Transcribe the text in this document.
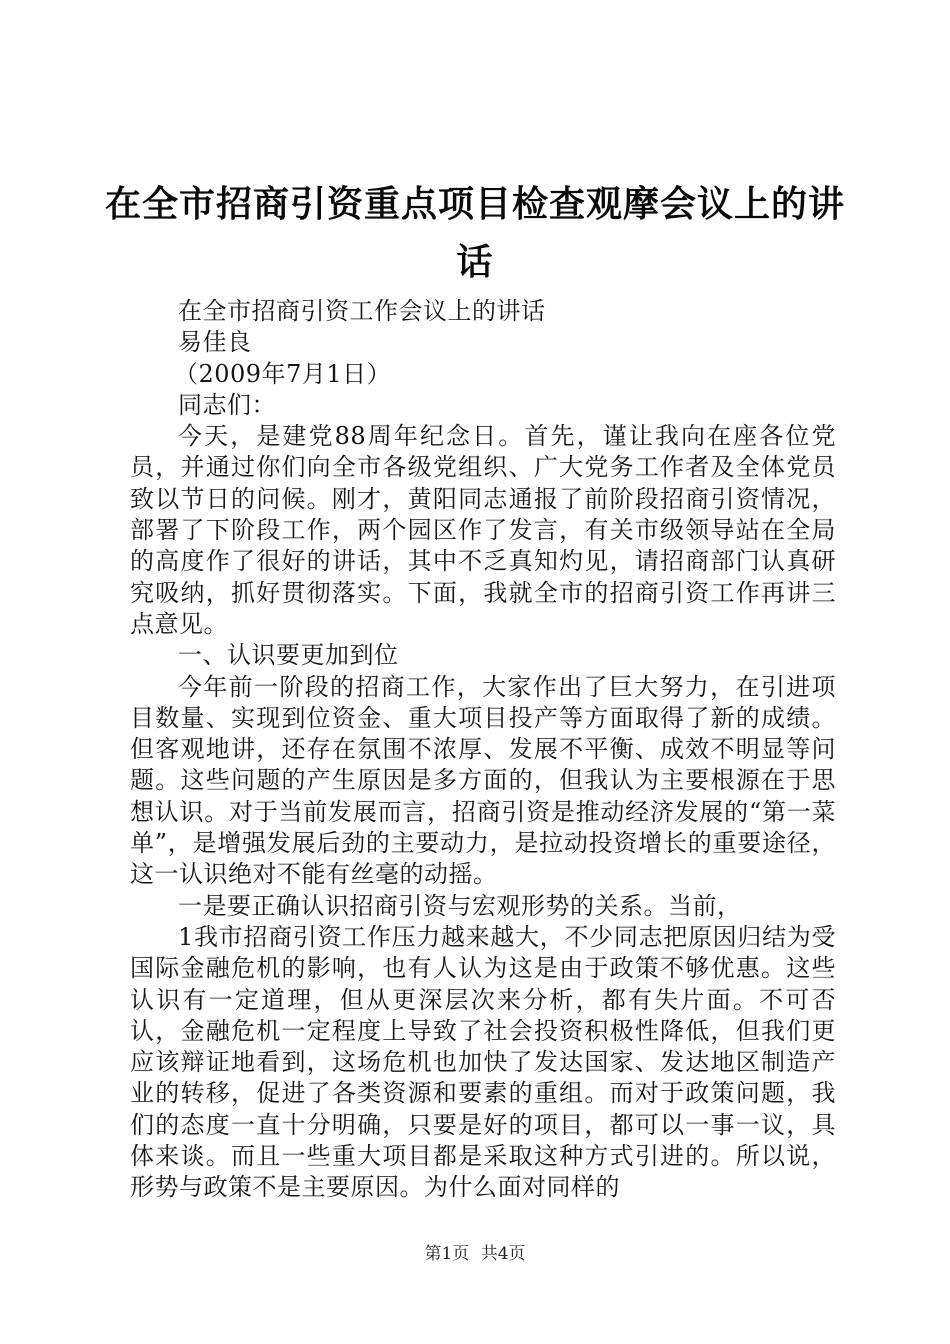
在全市招商引资重点项目检查观摩会议上的讲
话

在全市招商引资工作会议上的讲话

易佳良

（2009年7月1日）

同志们：

今天，是建党88周年纪念日。首先，谨让我向在座各位党员，并通过你们向全市各级党组织、广大党务工作者及全体党员致以节日的问候。刚才，黄阳同志通报了前阶段招商引资情况，部署了下阶段工作，两个园区作了发言，有关市级领导站在全局的高度作了很好的讲话，其中不乏真知灼见，请招商部门认真研究吸纳，抓好贯彻落实。下面，我就全市的招商引资工作再讲三点意见。

一、认识要更加到位

今年前一阶段的招商工作，大家作出了巨大努力，在引进项目数量、实现到位资金、重大项目投产等方面取得了新的成绩。但客观地讲，还存在氛围不浓厚、发展不平衡、成效不明显等问题。这些问题的产生原因是多方面的，但我认为主要根源在于思想认识。对于当前发展而言，招商引资是推动经济发展的“第一菜单”，是增强发展后劲的主要动力，是拉动投资增长的重要途径，这一认识绝对不能有丝毫的动摇。

一是要正确认识招商引资与宏观形势的关系。当前，

1我市招商引资工作压力越来越大，不少同志把原因归结为受国际金融危机的影响，也有人认为这是由于政策不够优惠。这些认识有一定道理，但从更深层次来分析，都有失片面。不可否认，金融危机一定程度上导致了社会投资积极性降低，但我们更应该辩证地看到，这场危机也加快了发达国家、发达地区制造产业的转移，促进了各类资源和要素的重组。而对于政策问题，我们的态度一直十分明确，只要是好的项目，都可以一事一议，具体来谈。而且一些重大项目都是采取这种方式引进的。所以说，形势与政策不是主要原因。为什么面对同样的

第1页 共4页
